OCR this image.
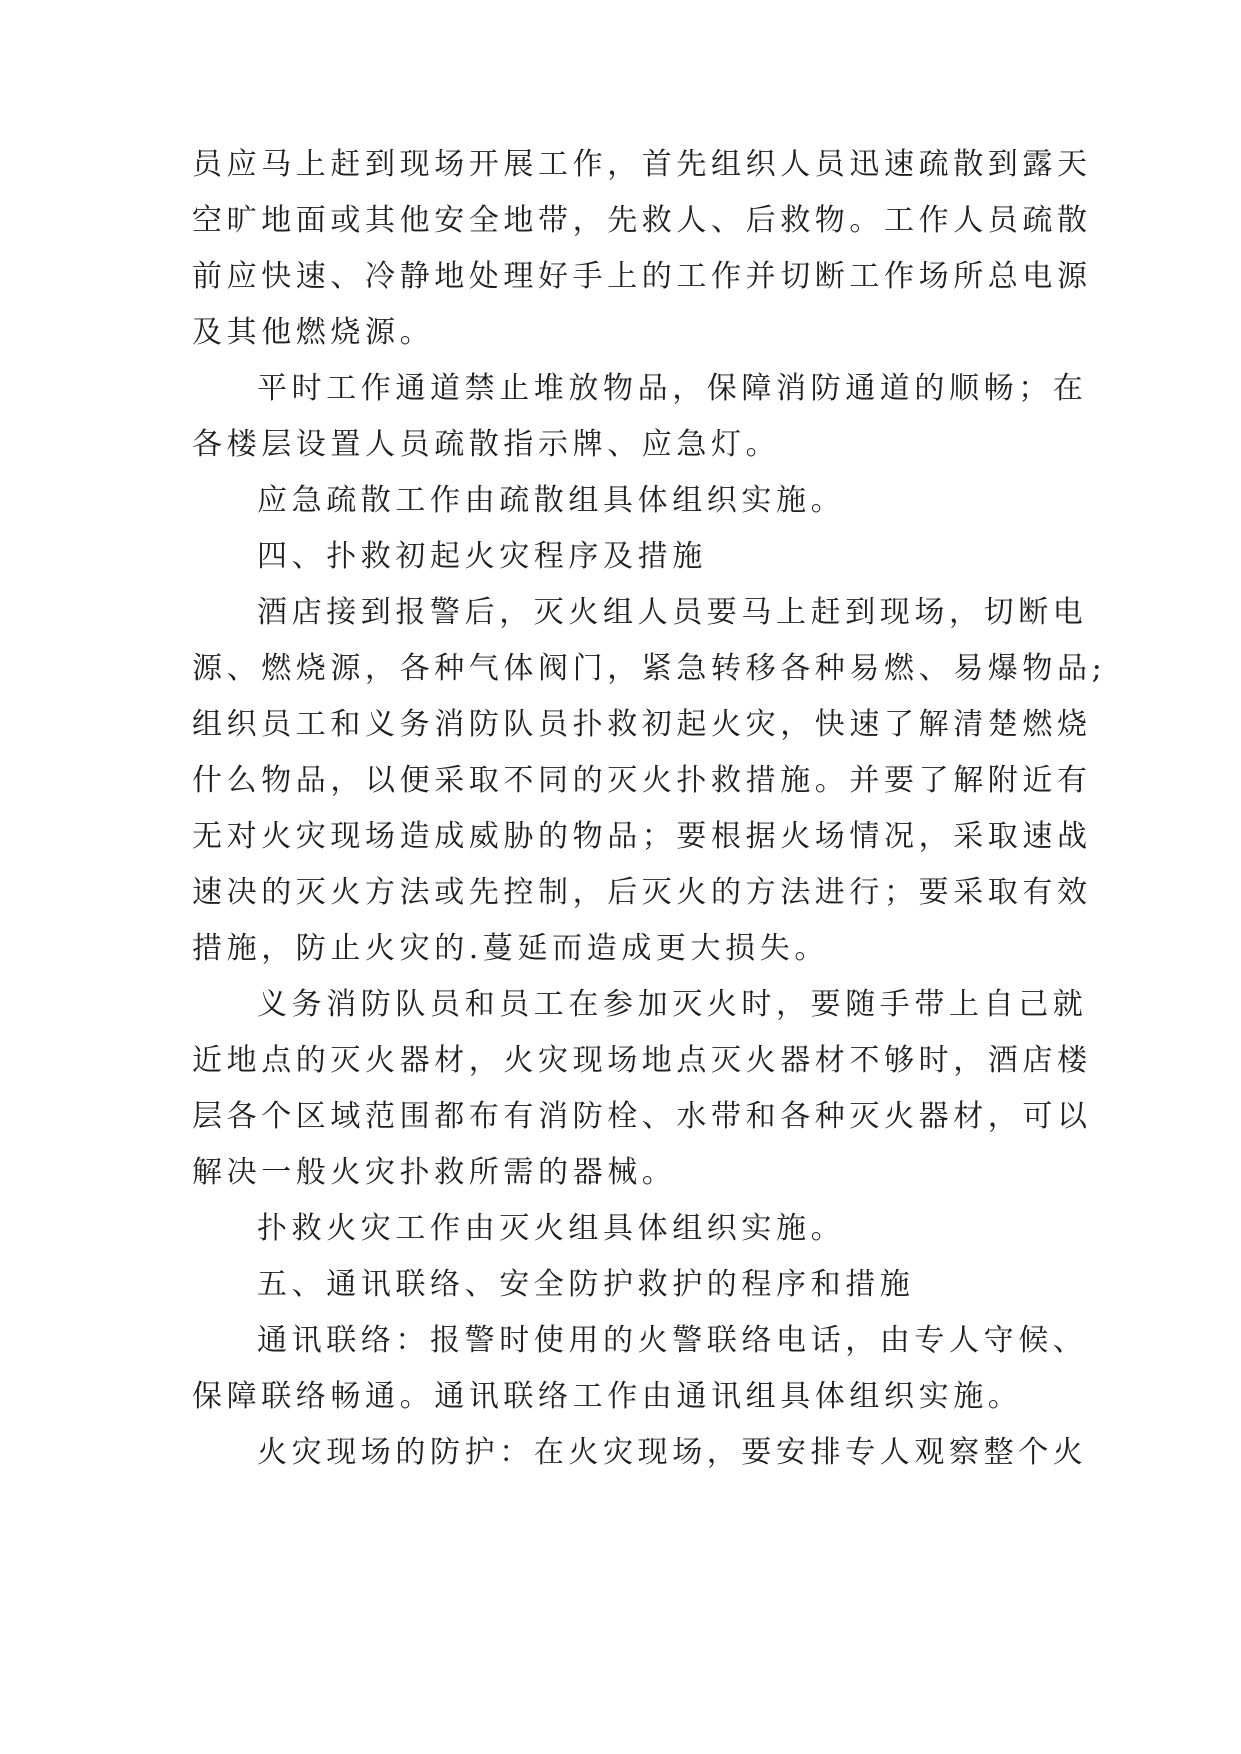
员应马上赶到现场开展工作，首先组织人员迅速疏散到露天
空旷地面或其他安全地带，先救人、后救物。工作人员疏散
前应快速、冷静地处理好手上的工作并切断工作场所总电源
及其他燃烧源。
平时工作通道禁止堆放物品，保障消防通道的顺畅；在
各楼层设置人员疏散指示牌、应急灯。
应急疏散工作由疏散组具体组织实施。
四、扑救初起火灾程序及措施
酒店接到报警后，灭火组人员要马上赶到现场，切断电
源、燃烧源，各种气体阀门，紧急转移各种易燃、易爆物品;
组织员工和义务消防队员扑救初起火灾，快速了解清楚燃烧
什么物品，以便采取不同的灭火扑救措施。并要了解附近有
无对火灾现场造成威胁的物品；要根据火场情况，采取速战
速决的灭火方法或先控制，后灭火的方法进行；要采取有效
措施，防止火灾的.蔓延而造成更大损失。
义务消防队员和员工在参加灭火时，要随手带上自己就
近地点的灭火器材，火灾现场地点灭火器材不够时，酒店楼
层各个区域范围都布有消防栓、水带和各种灭火器材，可以
解决一般火灾扑救所需的器械。
扑救火灾工作由灭火组具体组织实施。
五、通讯联络、安全防护救护的程序和措施
通讯联络：报警时使用的火警联络电话，由专人守候、
保障联络畅通。通讯联络工作由通讯组具体组织实施。
火灾现场的防护：在火灾现场，要安排专人观察整个火
